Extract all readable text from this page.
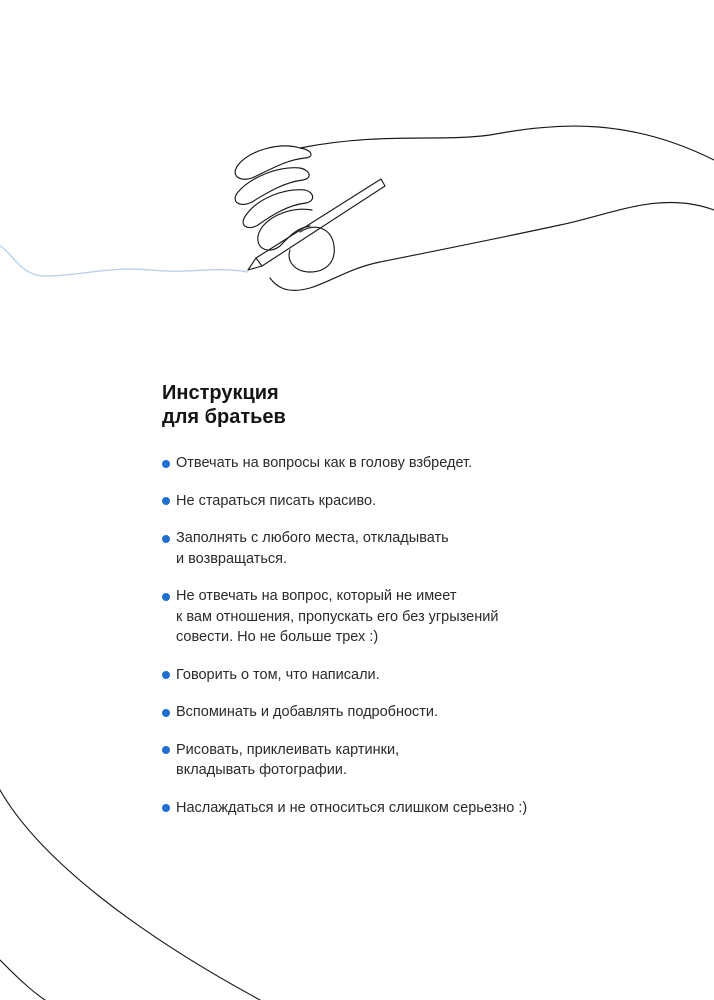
Инструкция
для братьев
Отвечать на вопросы как в голову взбредет.
Не стараться писать красиво.
Заполнять с любого места, откладывать
и возвращаться.
Не отвечать на вопрос, который не имеет
к вам отношения, пропускать его без угрызений
совести. Но не больше трех :)
Говорить о том, что написали.
Вспоминать и добавлять подробности.
Рисовать, приклеивать картинки,
вкладывать фотографии.
Наслаждаться и не относиться слишком серьезно :)
